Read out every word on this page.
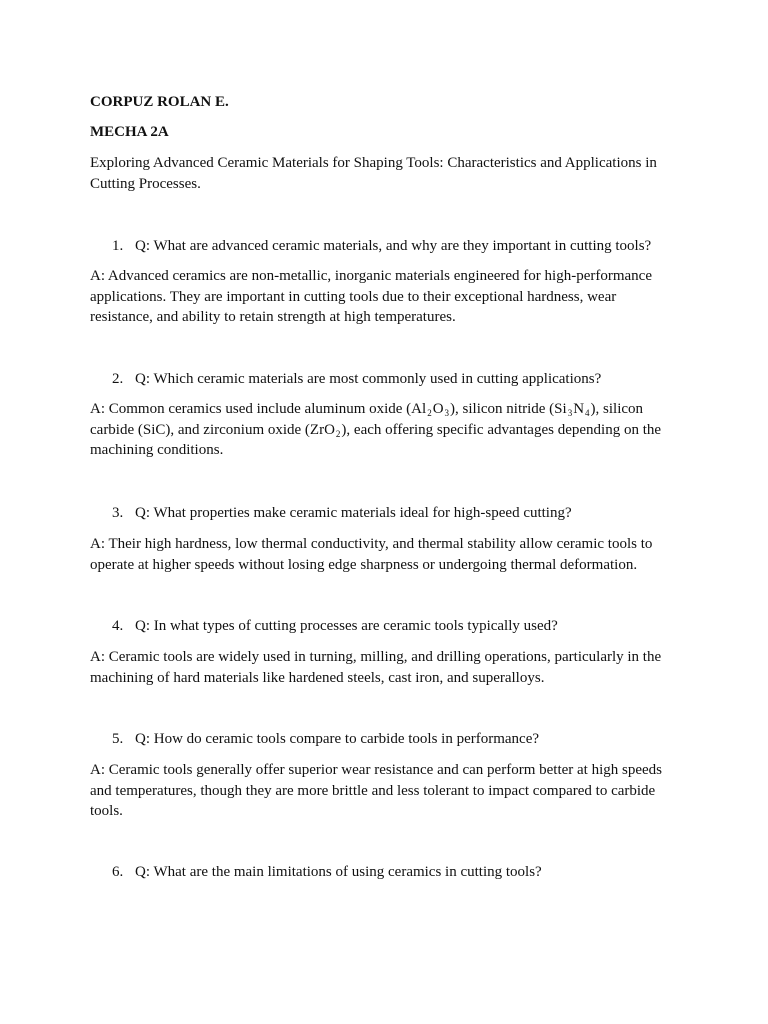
CORPUZ ROLAN E.

MECHA 2A

Exploring Advanced Ceramic Materials for Shaping Tools: Characteristics and Applications in Cutting Processes.

1. Q: What are advanced ceramic materials, and why are they important in cutting tools?

A: Advanced ceramics are non-metallic, inorganic materials engineered for high-performance applications. They are important in cutting tools due to their exceptional hardness, wear resistance, and ability to retain strength at high temperatures.

2. Q: Which ceramic materials are most commonly used in cutting applications?

A: Common ceramics used include aluminum oxide $(Al_2O_3)$, silicon nitride $(Si_3N_4)$, silicon carbide (SiC), and zirconium oxide (ZrO$_2$), each offering specific advantages depending on the machining conditions.

3. Q: What properties make ceramic materials ideal for high-speed cutting?

A: Their high hardness, low thermal conductivity, and thermal stability allow ceramic tools to operate at higher speeds without losing edge sharpness or undergoing thermal deformation.

4. Q: In what types of cutting processes are ceramic tools typically used?

A: Ceramic tools are widely used in turning, milling, and drilling operations, particularly in the machining of hard materials like hardened steels, cast iron, and superalloys.

5. Q: How do ceramic tools compare to carbide tools in performance?

A: Ceramic tools generally offer superior wear resistance and can perform better at high speeds and temperatures, though they are more brittle and less tolerant to impact compared to carbide tools.

6. Q: What are the main limitations of using ceramics in cutting tools?
